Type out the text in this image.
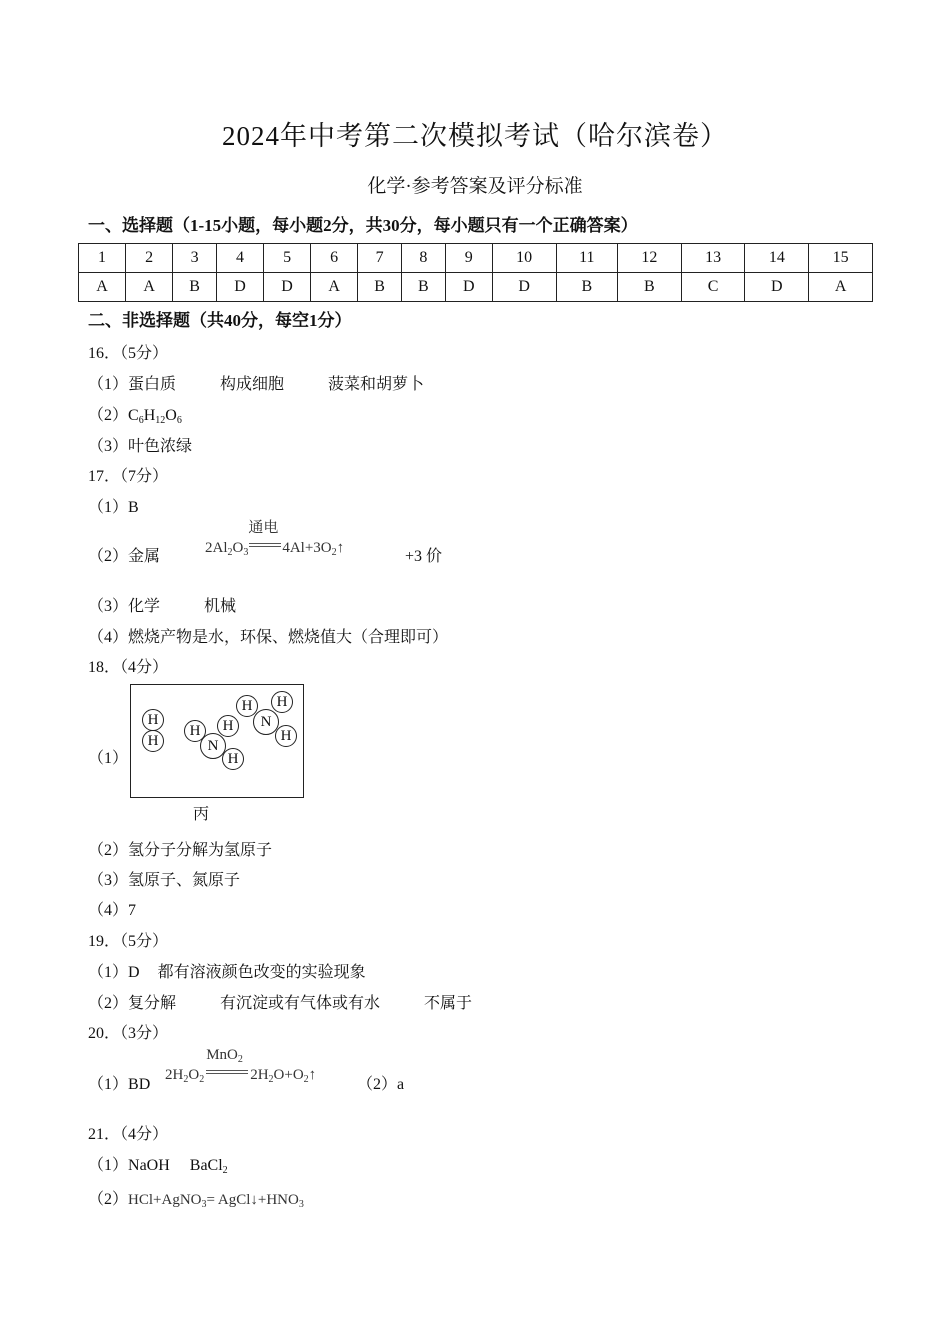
2024年中考第二次模拟考试（哈尔滨卷）
化学·参考答案及评分标准
一、选择题（1-15小题，每小题2分，共30分，每小题只有一个正确答案）
1	2	3	4	5	6	7	8	9	10	11	12	13	14	15
A	A	B	D	D	A	B	B	D	D	B	B	C	D	A
二、非选择题（共40分，每空1分）
16．（5分）
（1）蛋白质	构成细胞	菠菜和胡萝卜
$(2)C_6H_{12}O_6$
（3）叶色浓绿
17．（7分）
（1）B
（2）金属	$2Al_2O_3$
通电
$4Al+3O_2↑$	+3 价
（3）化学	机械
（4）燃烧产物是水，环保、燃烧值大（合理即可）
18．（4分）
（1）
H
H
H	H
N
H
H
N
H
H
丙
（2）氢分子分解为氢原子
（3）氢原子、氮原子
（4）7
19．（5分）
（1）D 都有溶液颜色改变的实验现象
（2）复分解	有沉淀或有气体或有水	不属于
20．（3分）
（1）BD
$2H_2O_2$
MnO$_2$
$2H_2O+O_2↑$
（2）a
21．（4分）
（1）NaOH BaCl$_2$
（2）HCl+AgNO$_3$= $AgCl↓+HNO_3$
